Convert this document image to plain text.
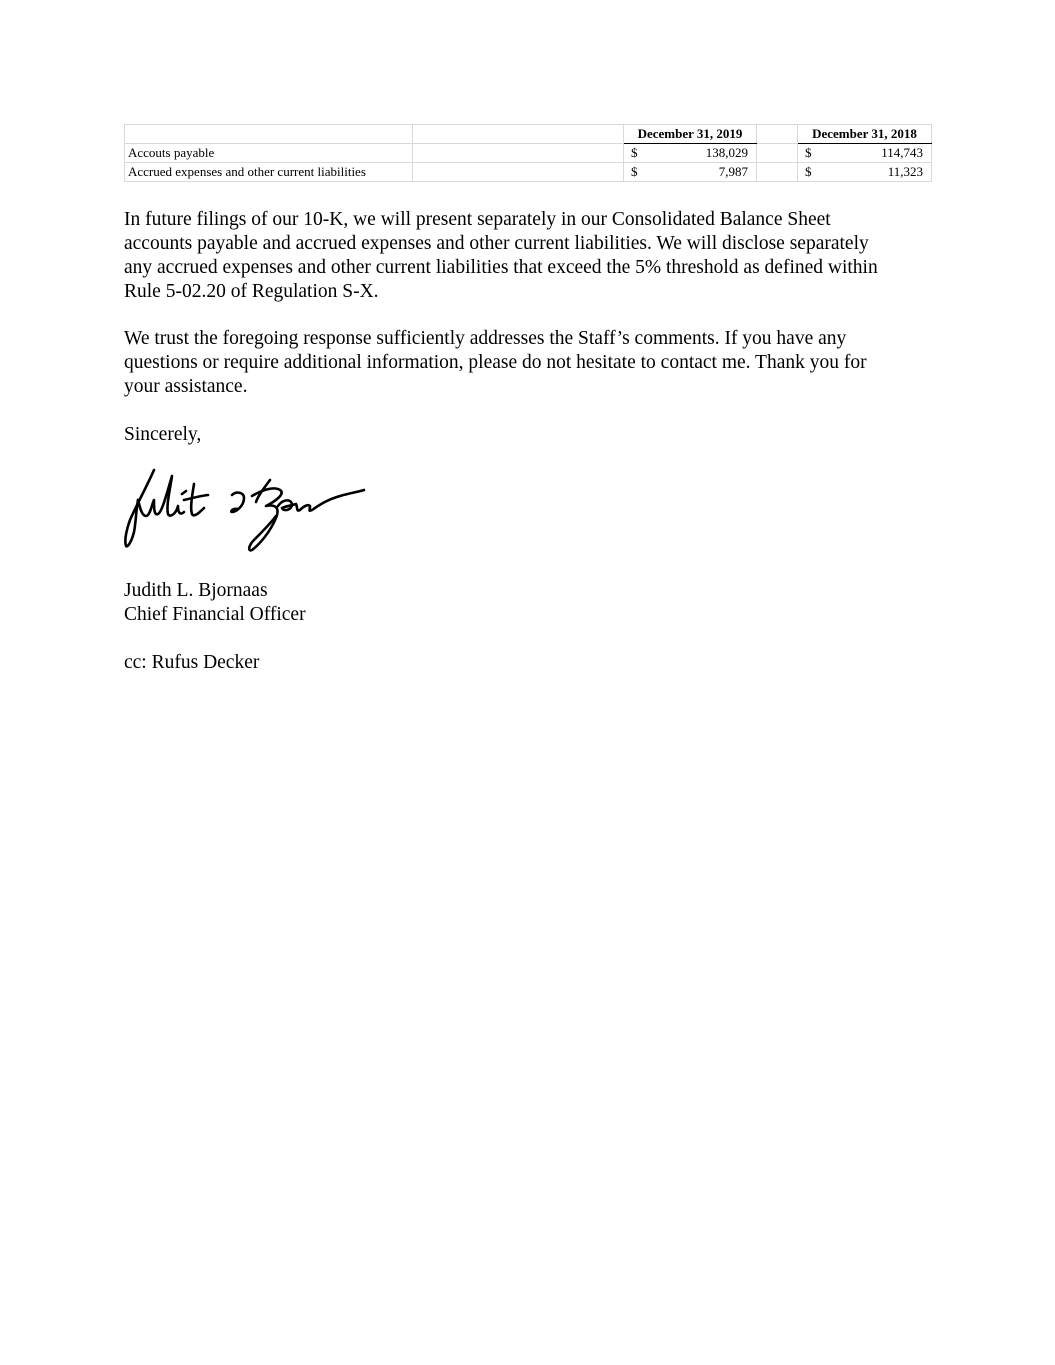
		December 31, 2019		December 31, 2018
Accouts payable		$ 138,029		$ 114,743

Accrued expenses and other current liabilities		$ 7,987		$ 11,323

In future filings of our 10-K, we will present separately in our Consolidated Balance Sheet
accounts payable and accrued expenses and other current liabilities. We will disclose separately
any accrued expenses and other current liabilities that exceed the 5% threshold as defined within
Rule 5-02.20 of Regulation S-X.

We trust the foregoing response sufficiently addresses the Staff’s comments. If you have any
questions or require additional information, please do not hesitate to contact me. Thank you for
your assistance.

Sincerely,

Judith L. Bjornaas

Chief Financial Officer

cc: Rufus Decker
